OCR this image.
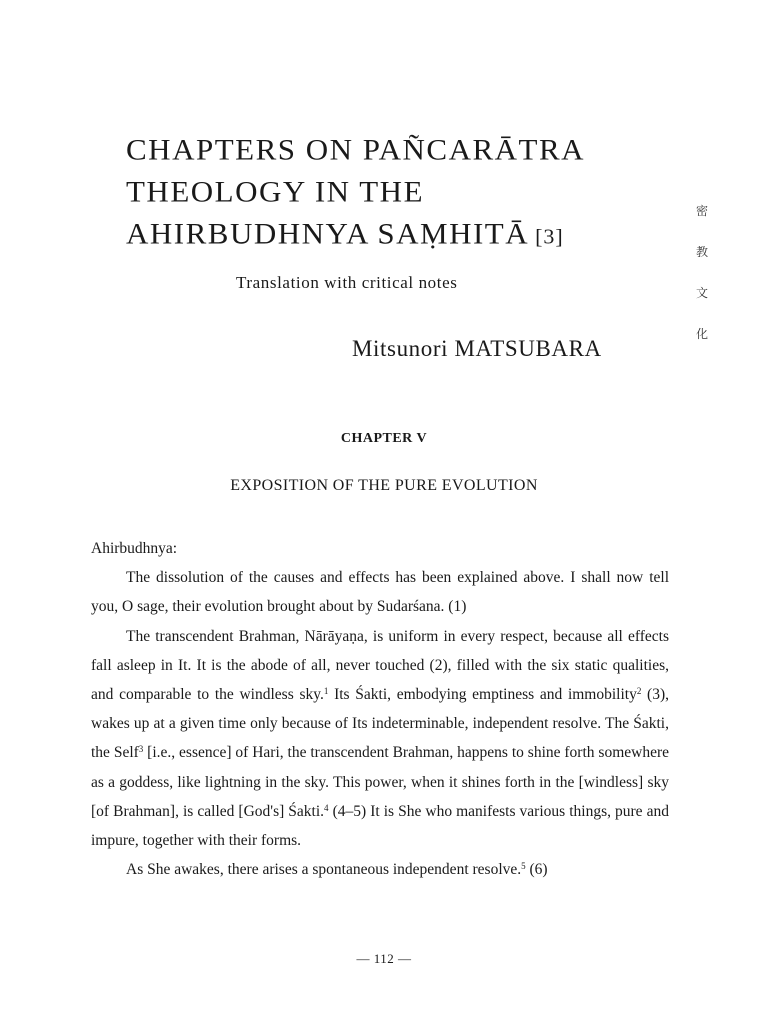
CHAPTERS ON PAÑCARĀTRA
THEOLOGY IN THE
AHIRBUDHNYA SAṂHITĀ [3]
Translation with critical notes
Mitsunori MATSUBARA
密
教
文
化
CHAPTER V
EXPOSITION OF THE PURE EVOLUTION

Ahirbudhnya:

The dissolution of the causes and effects has been explained above. I shall now tell you, O sage, their evolution brought about by Sudarśana. (1)

The transcendent Brahman, Nārāyaṇa, is uniform in every respect, because all effects fall asleep in It. It is the abode of all, never touched (2), filled with the six static qualities, and comparable to the windless sky.$^1$ Its Śakti, embodying emptiness and immobility$^2$ (3), wakes up at a given time only because of Its indeterminable, independent resolve. The Śakti, the Self$^3$ [i.e., essence] of Hari, the transcendent Brahman, happens to shine forth somewhere as a goddess, like lightning in the sky. This power, when it shines forth in the [windless] sky [of Brahman], is called [God's] Śakti.$^4$ (4–5) It is She who manifests various things, pure and impure, together with their forms.

As She awakes, there arises a spontaneous independent resolve.$^5$ (6)

— 112 —
